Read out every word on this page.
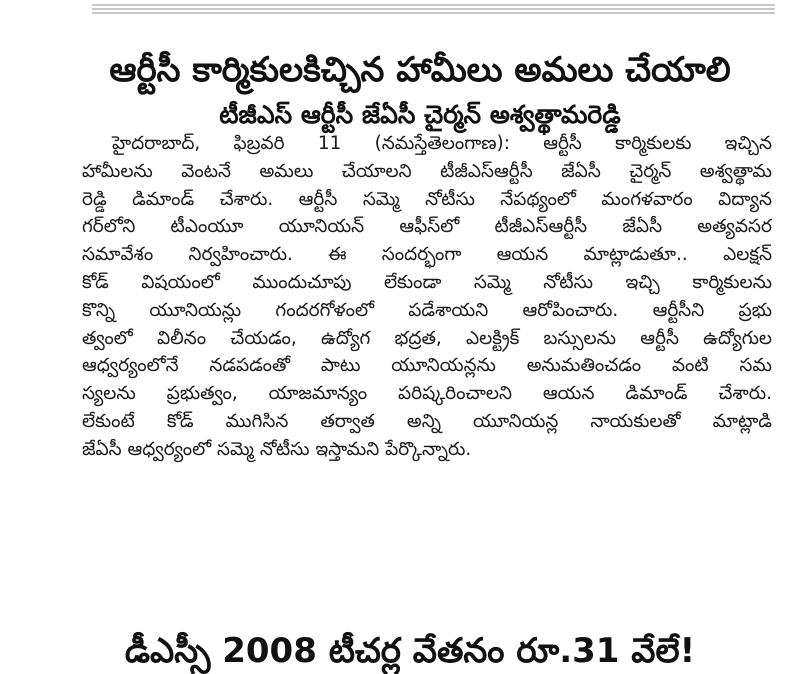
ఆర్టీసీ కార్మికులకిచ్చిన హామీలు అమలు చేయాలి
టీజీఎస్ ఆర్టీసీ జేఏసీ చైర్మన్ అశ్వత్థామరెడ్డి

హైదరాబాద్, ఫిబ్రవరి 11 (నమస్తేతెలంగాణ): ఆర్టీసీ కార్మికులకు ఇచ్చిన
హామీలను వెంటనే అమలు చేయాలని టీజీఎస్ఆర్టీసీ జేఏసీ చైర్మన్ అశ్వత్థామ
రెడ్డి డిమాండ్ చేశారు. ఆర్టీసీ సమ్మె నోటీసు నేపథ్యంలో మంగళవారం విద్యాన
గర్‌లోని టీఎంయూ యూనియన్ ఆఫీస్‌లో టీజీఎస్ఆర్టీసీ జేఏసీ అత్యవసర
సమావేశం నిర్వహించారు. ఈ సందర్భంగా ఆయన మాట్లాడుతూ.. ఎలక్షన్
కోడ్ విషయంలో ముందుచూపు లేకుండా సమ్మె నోటీసు ఇచ్చి కార్మికులను
కొన్ని యూనియన్లు గందరగోళంలో పడేశాయని ఆరోపించారు. ఆర్టీసీని ప్రభు
త్వంలో విలీనం చేయడం, ఉద్యోగ భద్రత, ఎలక్ట్రిక్ బస్సులను ఆర్టీసీ ఉద్యోగుల
ఆధ్వర్యంలోనే నడపడంతో పాటు యూనియన్లను అనుమతించడం వంటి సమ
స్యలను ప్రభుత్వం, యాజమాన్యం పరిష్కరించాలని ఆయన డిమాండ్ చేశారు.
లేకుంటే కోడ్ ముగిసిన తర్వాత అన్ని యూనియన్ల నాయకులతో మాట్లాడి
జేఏసీ ఆధ్వర్యంలో సమ్మె నోటీసు ఇస్తామని పేర్కొన్నారు.

డీఎస్సీ 2008 టీచర్ల వేతనం రూ.31 వేలే!
